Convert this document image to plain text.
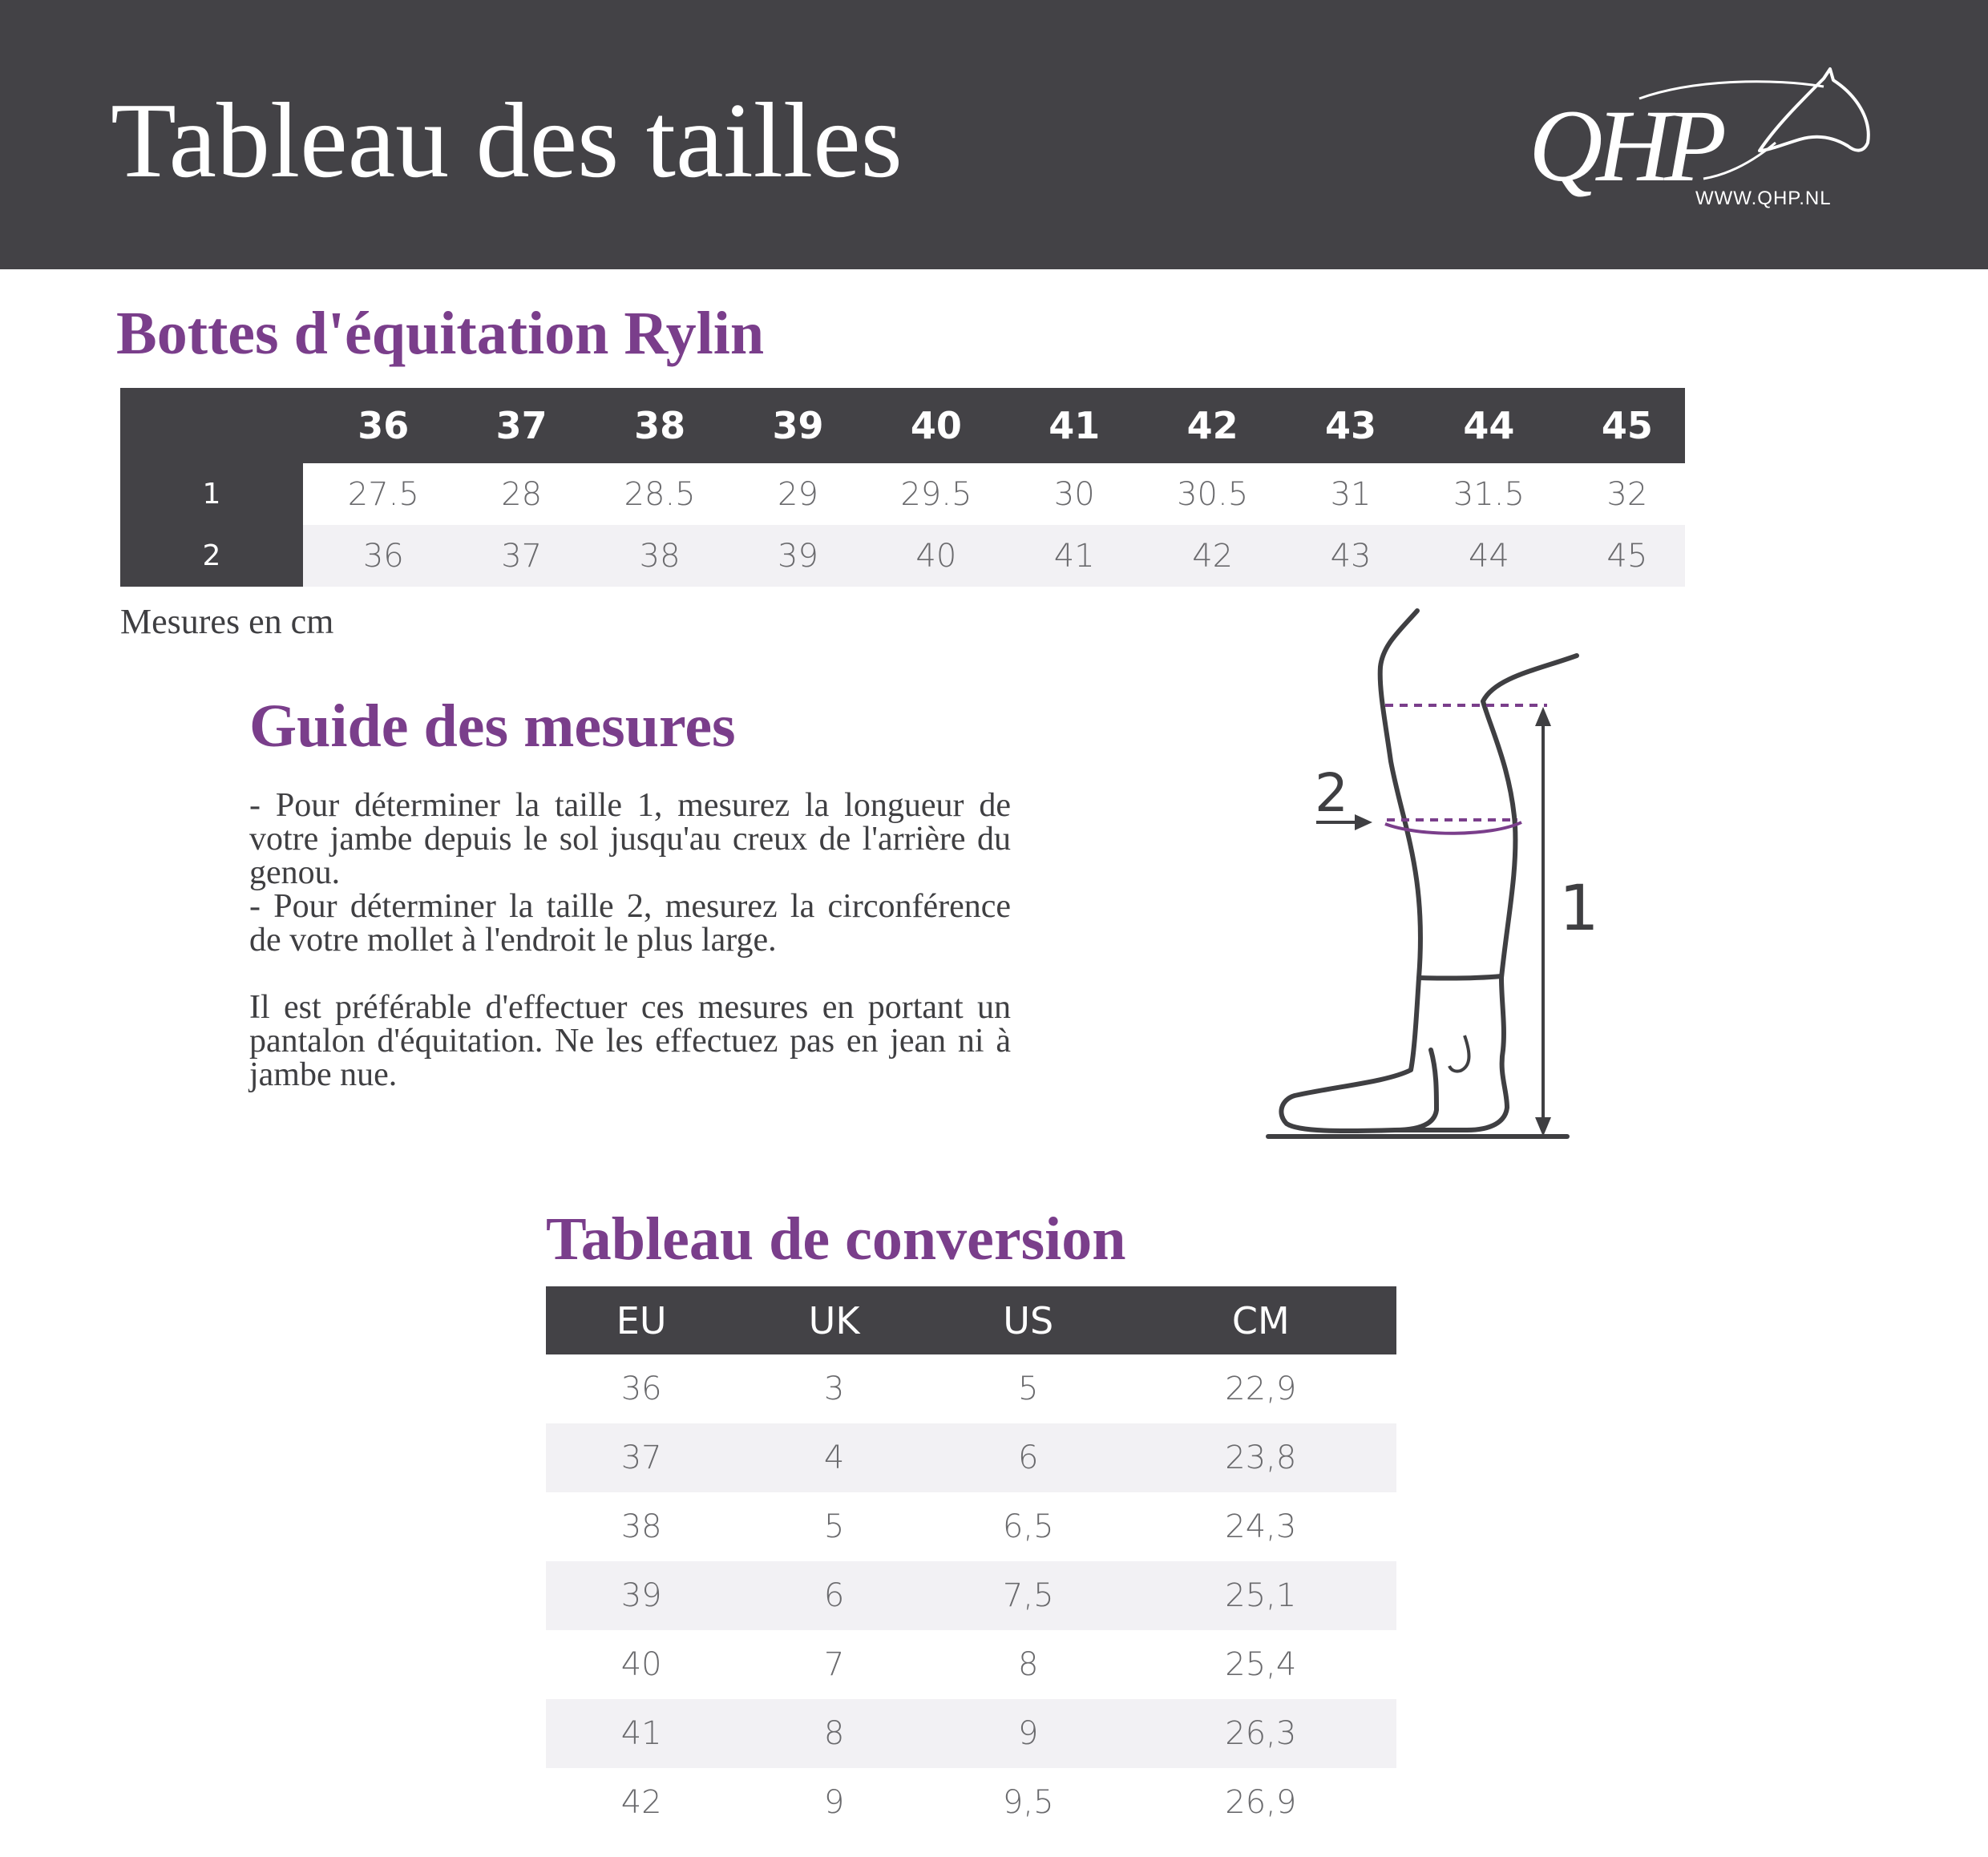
Tableau des tailles	QHP
WWW.QHP.NL
Bottes d'équitation Rylin
	36	37	38	39	40	41	42	43	44	45
1	27.5	28	28.5	29	29.5	30	30.5	31	31.5	32
2	36	37	38	39	40	41	42	43	44	45
Mesures en cm
Guide des mesures

- Pour déterminer la taille 1, mesurez la longueur de votre jambe depuis le sol jusqu'au creux de l'arrière du genou.

- Pour déterminer la taille 2, mesurez la circonférence de votre mollet à l'endroit le plus large.

Il est préférable d'effectuer ces mesures en portant un pantalon d'équitation. Ne les effectuez pas en jean ni à jambe nue.

2
1
Tableau de conversion
EU	UK	US	CM
36	3	5	22,9
37	4	6	23,8
38	5	6,5	24,3
39	6	7,5	25,1
40	7	8	25,4
41	8	9	26,3
42	9	9,5	26,9
